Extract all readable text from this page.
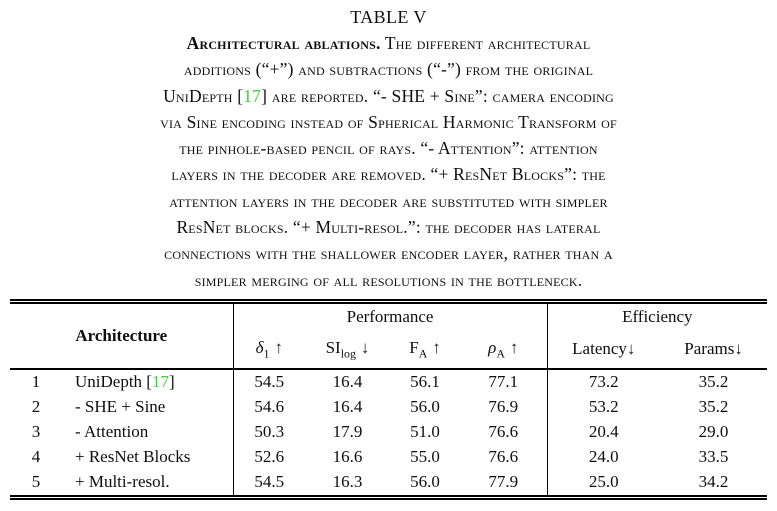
TABLE V
Architectural ablations. The different architectural
additions (“+”) and subtractions (“-”) from the original
UniDepth [17] are reported. “- SHE + Sine”: camera encoding
via Sine encoding instead of Spherical Harmonic Transform of
the pinhole-based pencil of rays. “- Attention”: attention
layers in the decoder are removed. “+ ResNet Blocks”: the
attention layers in the decoder are substituted with simpler
ResNet blocks. “+ Multi-resol.”: the decoder has lateral
connections with the shallower encoder layer, rather than a
simpler merging of all resolutions in the bottleneck.
Architecture		Performance				Efficiency	
		$\delta_1$ ↑	$SI_{log}$ ↓	$F_A$ ↑	$\rho_A$ ↑	Latency↓	Params↓
1	UniDepth [17]	54.5	16.4	56.1	77.1	73.2	35.2
2	- SHE + Sine	54.6	16.4	56.0	76.9	53.2	35.2
3	- Attention	50.3	17.9	51.0	76.6	20.4	29.0
4	+ ResNet Blocks	52.6	16.6	55.0	76.6	24.0	33.5
5	+ Multi-resol.	54.5	16.3	56.0	77.9	25.0	34.2
